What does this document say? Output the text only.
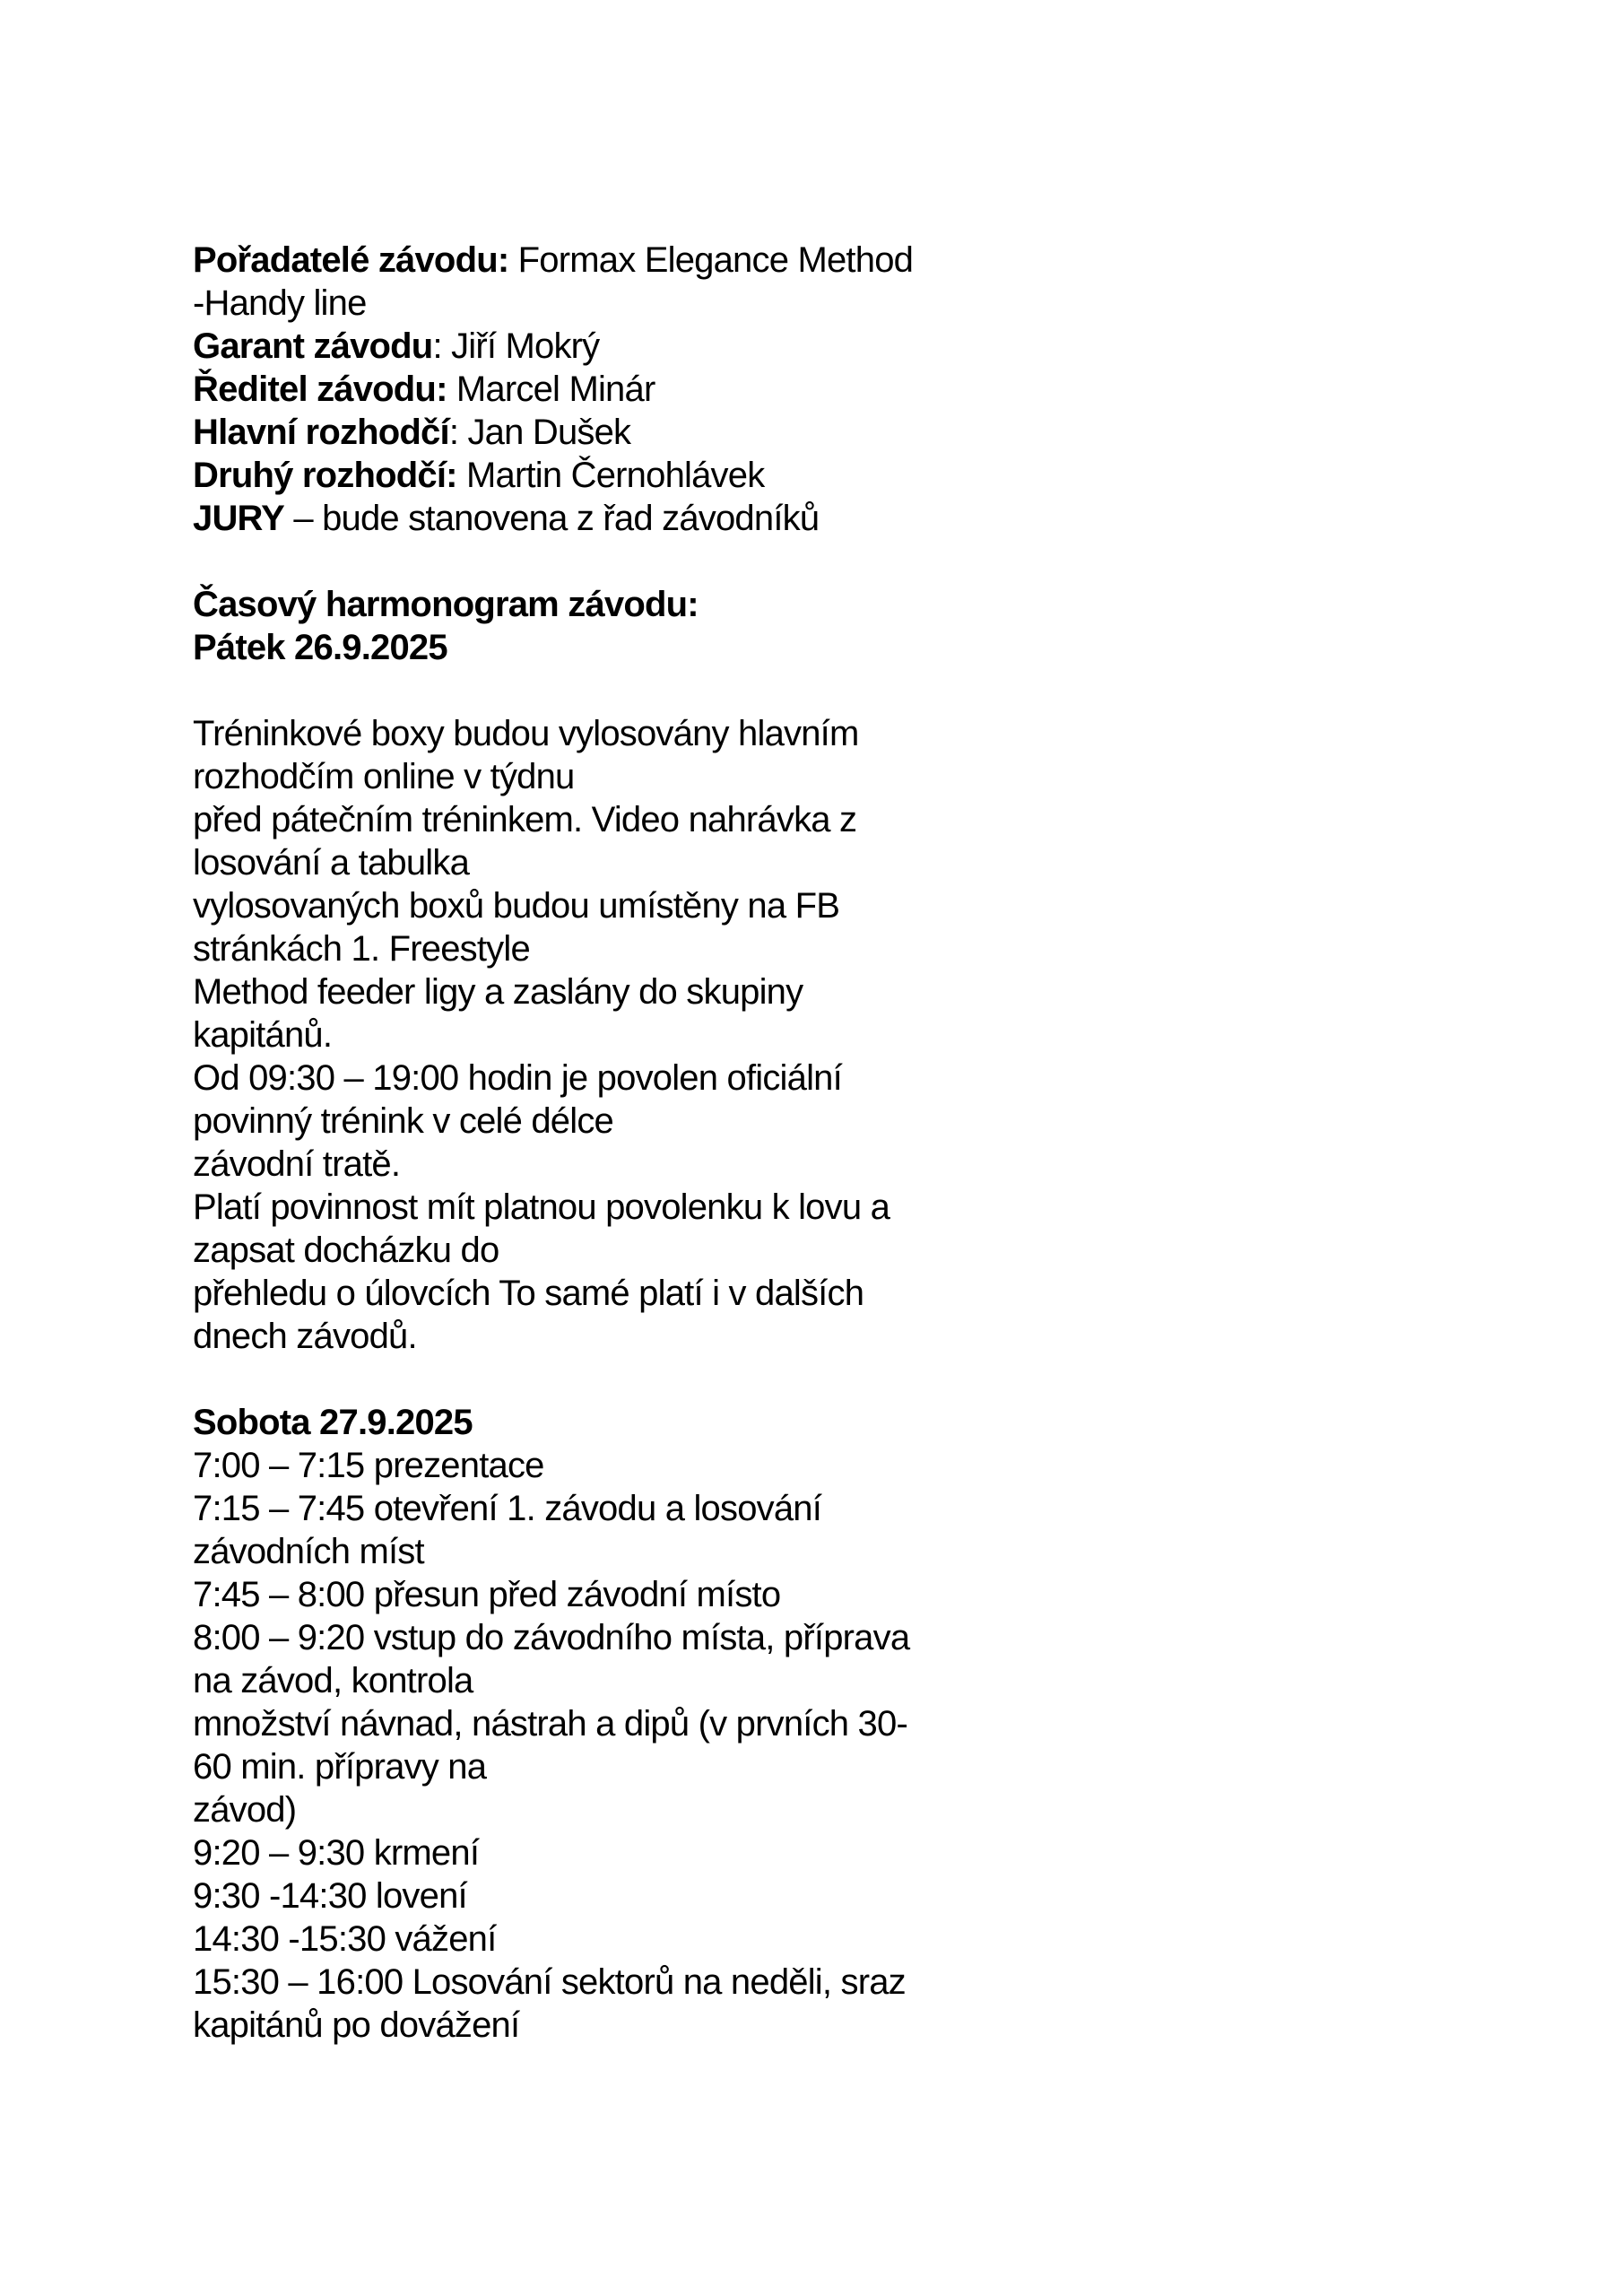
Pořadatelé závodu: Formax Elegance Method

-Handy line

Garant závodu: Jiří Mokrý

Ředitel závodu: Marcel Minár

Hlavní rozhodčí: Jan Dušek

Druhý rozhodčí: Martin Černohlávek

JURY – bude stanovena z řad závodníků

Časový harmonogram závodu:

Pátek 26.9.2025

Tréninkové boxy budou vylosovány hlavním

rozhodčím online v týdnu

před pátečním tréninkem. Video nahrávka z

losování a tabulka

vylosovaných boxů budou umístěny na FB

stránkách 1. Freestyle

Method feeder ligy a zaslány do skupiny

kapitánů.

Od 09:30 – 19:00 hodin je povolen oficiální

povinný trénink v celé délce

závodní tratě.

Platí povinnost mít platnou povolenku k lovu a

zapsat docházku do

přehledu o úlovcích To samé platí i v dalších

dnech závodů.

Sobota 27.9.2025

7:00 – 7:15 prezentace

7:15 – 7:45 otevření 1. závodu a losování

závodních míst

7:45 – 8:00 přesun před závodní místo

8:00 – 9:20 vstup do závodního místa, příprava

na závod, kontrola

množství návnad, nástrah a dipů (v prvních 30-

60 min. přípravy na

závod)

9:20 – 9:30 krmení

9:30 -14:30 lovení

14:30 -15:30 vážení

15:30 – 16:00 Losování sektorů na neděli, sraz

kapitánů po dovážení
